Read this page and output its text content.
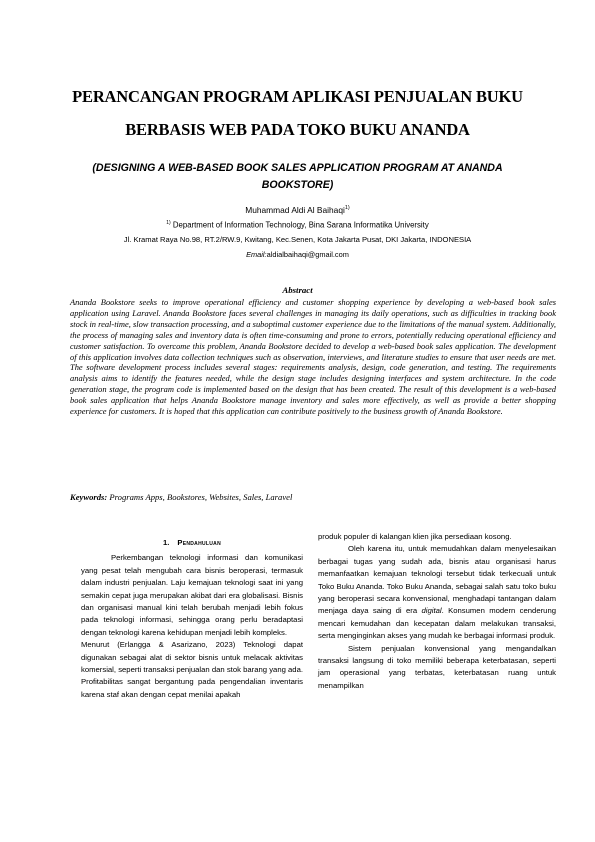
PERANCANGAN PROGRAM APLIKASI PENJUALAN BUKU
BERBASIS WEB PADA TOKO BUKU ANANDA
(DESIGNING A WEB-BASED BOOK SALES APPLICATION PROGRAM AT ANANDA BOOKSTORE)
Muhammad Aldi Al Baihaqi$^{1)}$
$^{1)}$ Department of Information Technology, Bina Sarana Informatika University
Jl. Kramat Raya No.98, RT.2/RW.9, Kwitang, Kec.Senen, Kota Jakarta Pusat, DKI Jakarta, INDONESIA
Email:aldialbaihaqi@gmail.com
Abstract
Ananda Bookstore seeks to improve operational efficiency and customer shopping experience by developing a web-based book sales application using Laravel. Ananda Bookstore faces several challenges in managing its daily operations, such as difficulties in tracking book stock in real-time, slow transaction processing, and a suboptimal customer experience due to the limitations of the manual system. Additionally, the process of managing sales and inventory data is often time-consuming and prone to errors, potentially reducing operational efficiency and customer satisfaction. To overcome this problem, Ananda Bookstore decided to develop a web-based book sales application. The development of this application involves data collection techniques such as observation, interviews, and literature studies to ensure that user needs are met. The software development process includes several stages: requirements analysis, design, code generation, and testing. The requirements analysis aims to identify the features needed, while the design stage includes designing interfaces and system architecture. In the code generation stage, the program code is implemented based on the design that has been created. The result of this development is a web-based book sales application that helps Ananda Bookstore manage inventory and sales more effectively, as well as provide a better shopping experience for customers. It is hoped that this application can contribute positively to the business growth of Ananda Bookstore.
Keywords: Programs Apps, Bookstores, Websites, Sales, Laravel

1. Pendahuluan

Perkembangan teknologi informasi dan komunikasi yang pesat telah mengubah cara bisnis beroperasi, termasuk dalam industri penjualan. Laju kemajuan teknologi saat ini yang semakin cepat juga merupakan akibat dari era globalisasi. Bisnis dan organisasi manual kini telah berubah menjadi lebih fokus pada teknologi informasi, sehingga orang perlu beradaptasi dengan teknologi karena kehidupan menjadi lebih kompleks.

Menurut (Erlangga & Asarizano, 2023) Teknologi dapat digunakan sebagai alat di sektor bisnis untuk melacak aktivitas komersial, seperti transaksi penjualan dan stok barang yang ada. Profitabilitas sangat bergantung pada pengendalian inventaris karena staf akan dengan cepat menilai apakah

produk populer di kalangan klien jika persediaan kosong.

Oleh karena itu, untuk memudahkan dalam menyelesaikan berbagai tugas yang sudah ada, bisnis atau organisasi harus memanfaatkan kemajuan teknologi tersebut tidak terkecuali untuk Toko Buku Ananda. Toko Buku Ananda, sebagai salah satu toko buku yang beroperasi secara konvensional, menghadapi tantangan dalam menjaga daya saing di era digital. Konsumen modern cenderung mencari kemudahan dan kecepatan dalam melakukan transaksi, serta menginginkan akses yang mudah ke berbagai informasi produk.

Sistem penjualan konvensional yang mengandalkan transaksi langsung di toko memiliki beberapa keterbatasan, seperti jam operasional yang terbatas, keterbatasan ruang untuk menampilkan
